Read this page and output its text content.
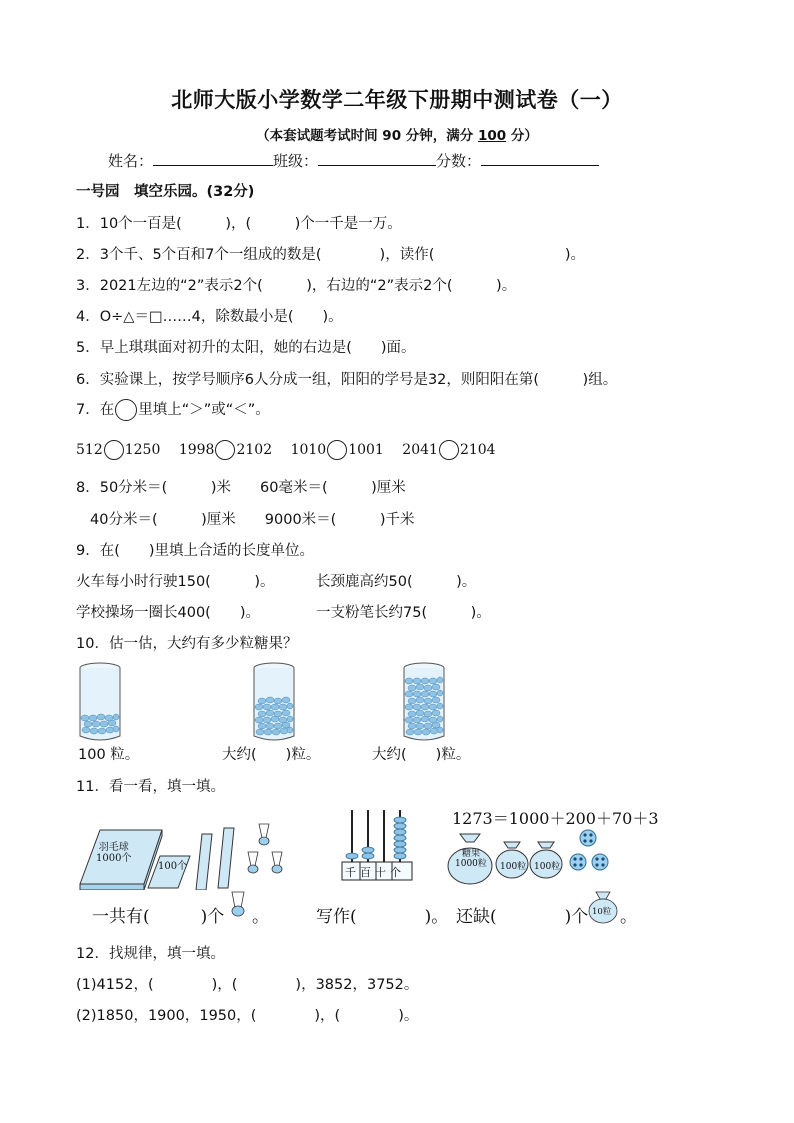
北师大版小学数学二年级下册期中测试卷（一）
（本套试题考试时间 90 分钟，满分 100 分）
姓名：	班级：	分数：
一号园　填空乐园。(32分)
1．10个一百是(　　　)，(　　　)个一千是一万。
2．3个千、5个百和7个一组成的数是(　　　　)，读作(　　　　　　　　　)。
3．2021左边的“2”表示2个(　　　)，右边的“2”表示2个(　　　)。
4．O÷△＝□……4，除数最小是(　　)。
5．早上琪琪面对初升的太阳，她的右边是(　　)面。
6．实验课上，按学号顺序6人分成一组，阳阳的学号是32，则阳阳在第(　　　)组。
7．在 里填上“＞”或“＜”。
512 1250 1998 2102 1010 1001 2041 2104
8．50分米＝(　　　)米　　60毫米＝(　　　)厘米
40分米＝(　　　)厘米　　9000米＝(　　　)千米
9．在(　　)里填上合适的长度单位。
火车每小时行驶150(　　　)。	长颈鹿高约50(　　　)。
学校操场一圈长400(　　)。	一支粉笔长约75(　　　)。
10．估一估，大约有多少粒糖果？
100 粒。	大约(　　)粒。	大约(　　)粒。
11．看一看，填一填。
羽毛球
1000个
100个	千 百 十 个
1273＝1000＋200＋70＋3
糖果
1000粒 100粒 100粒
一共有(　　　)个 。	写作(　　　　)。 还缺(　　　　)个 10粒 。
12．找规律，填一填。
(1)4152，(　　　　)，(　　　　)，3852，3752。
(2)1850，1900，1950，(　　　　)，(　　　　)。
